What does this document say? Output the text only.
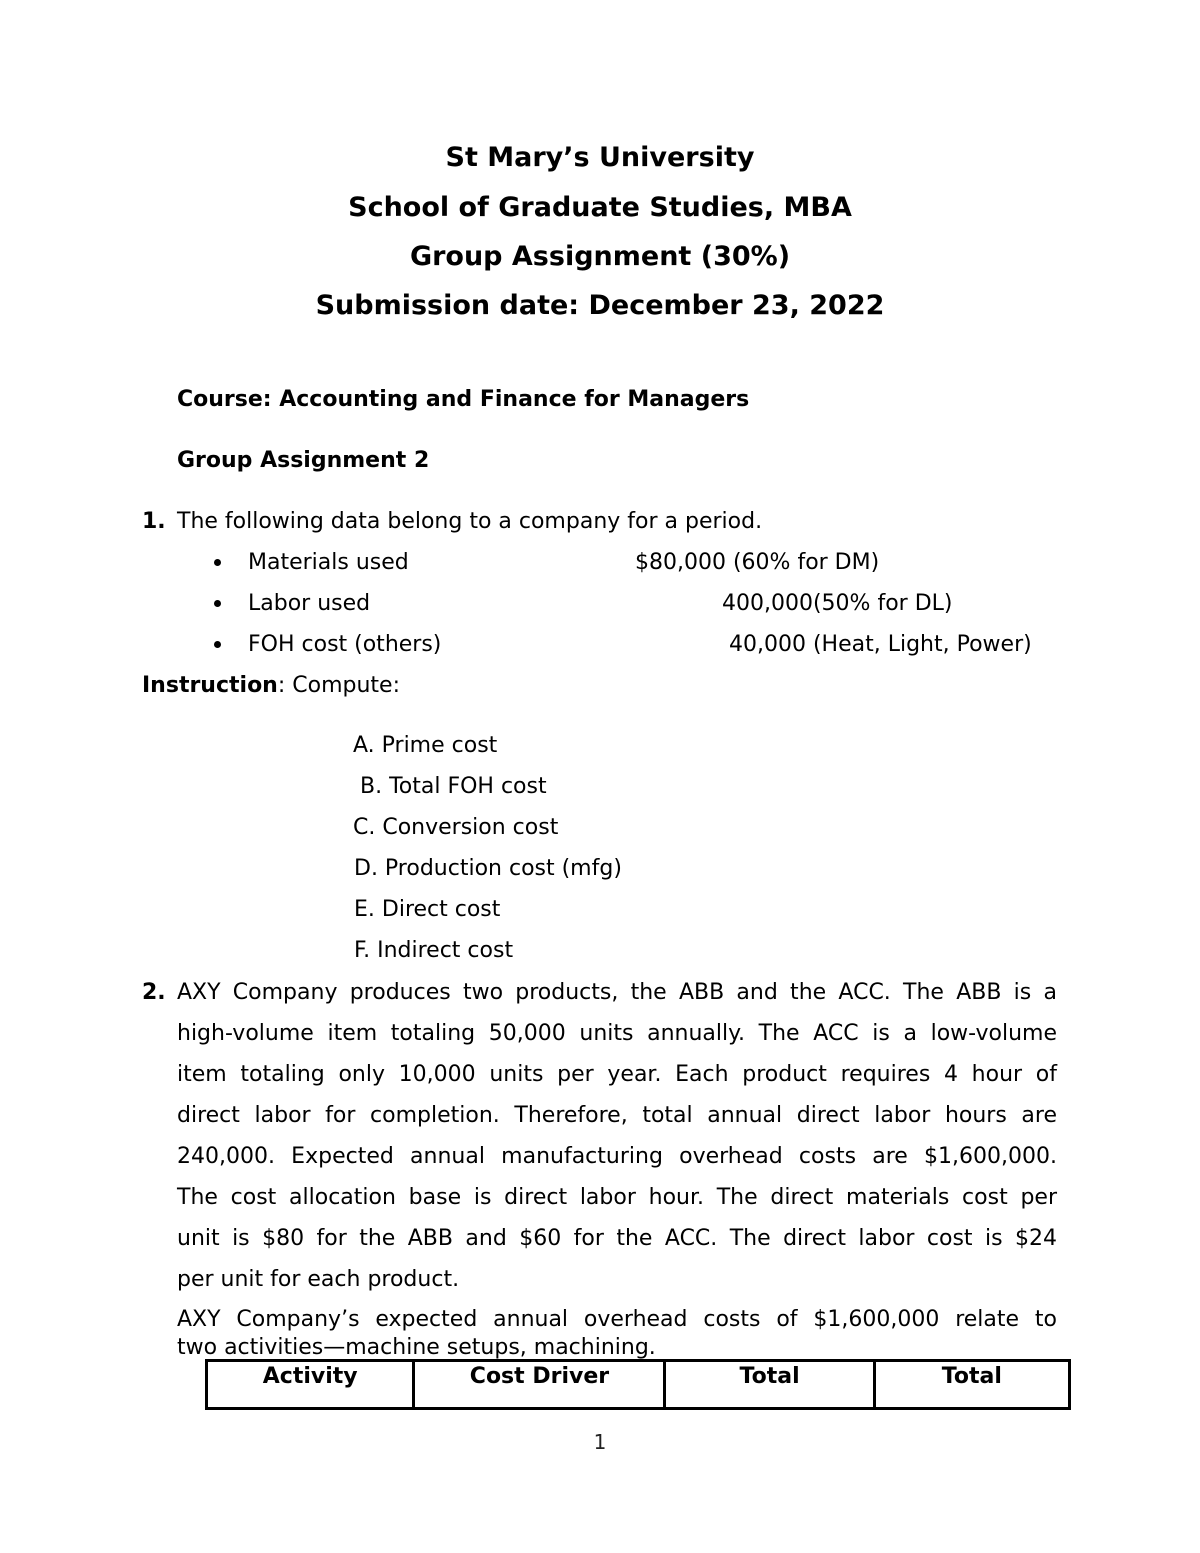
St Mary’s University
School of Graduate Studies, MBA
Group Assignment (30%)
Submission date: December 23, 2022
Course: Accounting and Finance for Managers
Group Assignment 2
1. The following data belong to a company for a period.
Materials used	$80,000 (60% for DM)
Labor used	400,000(50% for DL)
FOH cost (others)	40,000 (Heat, Light, Power)
Instruction: Compute:
A. Prime cost
B. Total FOH cost
C. Conversion cost
D. Production cost (mfg)
E. Direct cost
F. Indirect cost
2. AXY Company produces two products, the ABB and the ACC. The ABB is a
high-volume item totaling 50,000 units annually. The ACC is a low-volume
item totaling only 10,000 units per year. Each product requires 4 hour of
direct labor for completion. Therefore, total annual direct labor hours are
240,000. Expected annual manufacturing overhead costs are $1,600,000.
The cost allocation base is direct labor hour. The direct materials cost per
unit is $80 for the ABB and $60 for the ACC. The direct labor cost is $24
per unit for each product.
AXY Company’s expected annual overhead costs of $1,600,000 relate to
two activities—machine setups, machining.
Activity	Cost Driver	Total	Total
1
